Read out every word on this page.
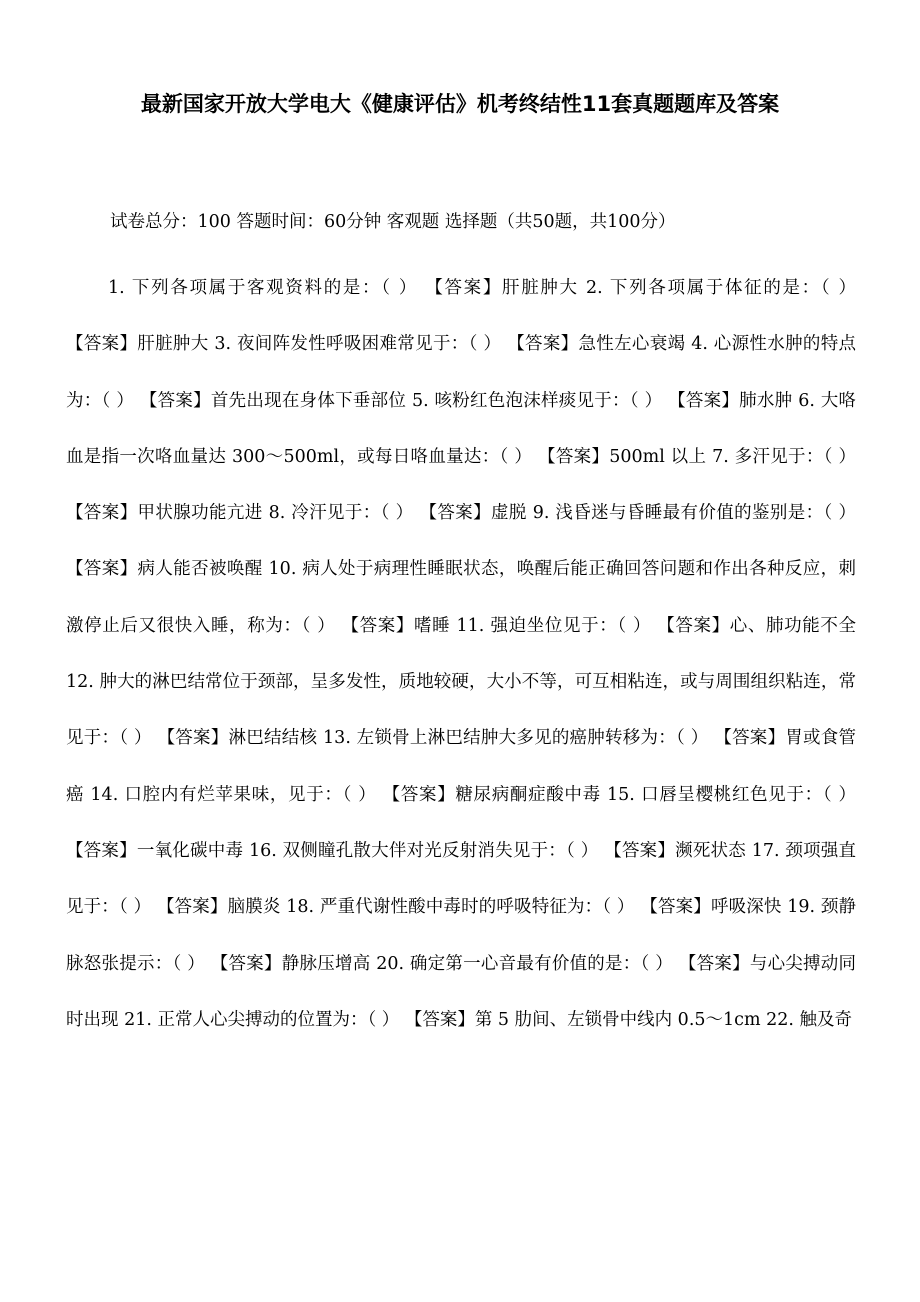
最新国家开放大学电大《健康评估》机考终结性11套真题题库及答案
试卷总分：100 答题时间：60分钟 客观题 选择题（共50题，共100分）

1. 下列各项属于客观资料的是：（ ） 【答案】肝脏肿大 2. 下列各项属于体征的是：（ ） 【答案】肝脏肿大 3. 夜间阵发性呼吸困难常见于：（ ） 【答案】急性左心衰竭 4. 心源性水肿的特点为：（ ） 【答案】首先出现在身体下垂部位 5. 咳粉红色泡沫样痰见于：（ ） 【答案】肺水肿 6. 大咯血是指一次咯血量达 300～500ml，或每日咯血量达：（ ） 【答案】500ml 以上 7. 多汗见于：（ ） 【答案】甲状腺功能亢进 8. 冷汗见于：（ ） 【答案】虚脱 9. 浅昏迷与昏睡最有价值的鉴别是：（ ） 【答案】病人能否被唤醒 10. 病人处于病理性睡眠状态，唤醒后能正确回答问题和作出各种反应，刺激停止后又很快入睡，称为：（ ） 【答案】嗜睡 11. 强迫坐位见于：（ ） 【答案】心、肺功能不全 12. 肿大的淋巴结常位于颈部，呈多发性，质地较硬，大小不等，可互相粘连，或与周围组织粘连，常见于：（ ） 【答案】淋巴结结核 13. 左锁骨上淋巴结肿大多见的癌肿转移为：（ ） 【答案】胃或食管癌 14. 口腔内有烂苹果味，见于：（ ） 【答案】糖尿病酮症酸中毒 15. 口唇呈樱桃红色见于：（ ） 【答案】一氧化碳中毒 16. 双侧瞳孔散大伴对光反射消失见于：（ ） 【答案】濒死状态 17. 颈项强直见于：（ ） 【答案】脑膜炎 18. 严重代谢性酸中毒时的呼吸特征为：（ ） 【答案】呼吸深快 19. 颈静脉怒张提示：（ ） 【答案】静脉压增高 20. 确定第一心音最有价值的是：（ ） 【答案】与心尖搏动同时出现 21. 正常人心尖搏动的位置为：（ ） 【答案】第 5 肋间、左锁骨中线内 0.5～1cm 22. 触及奇
